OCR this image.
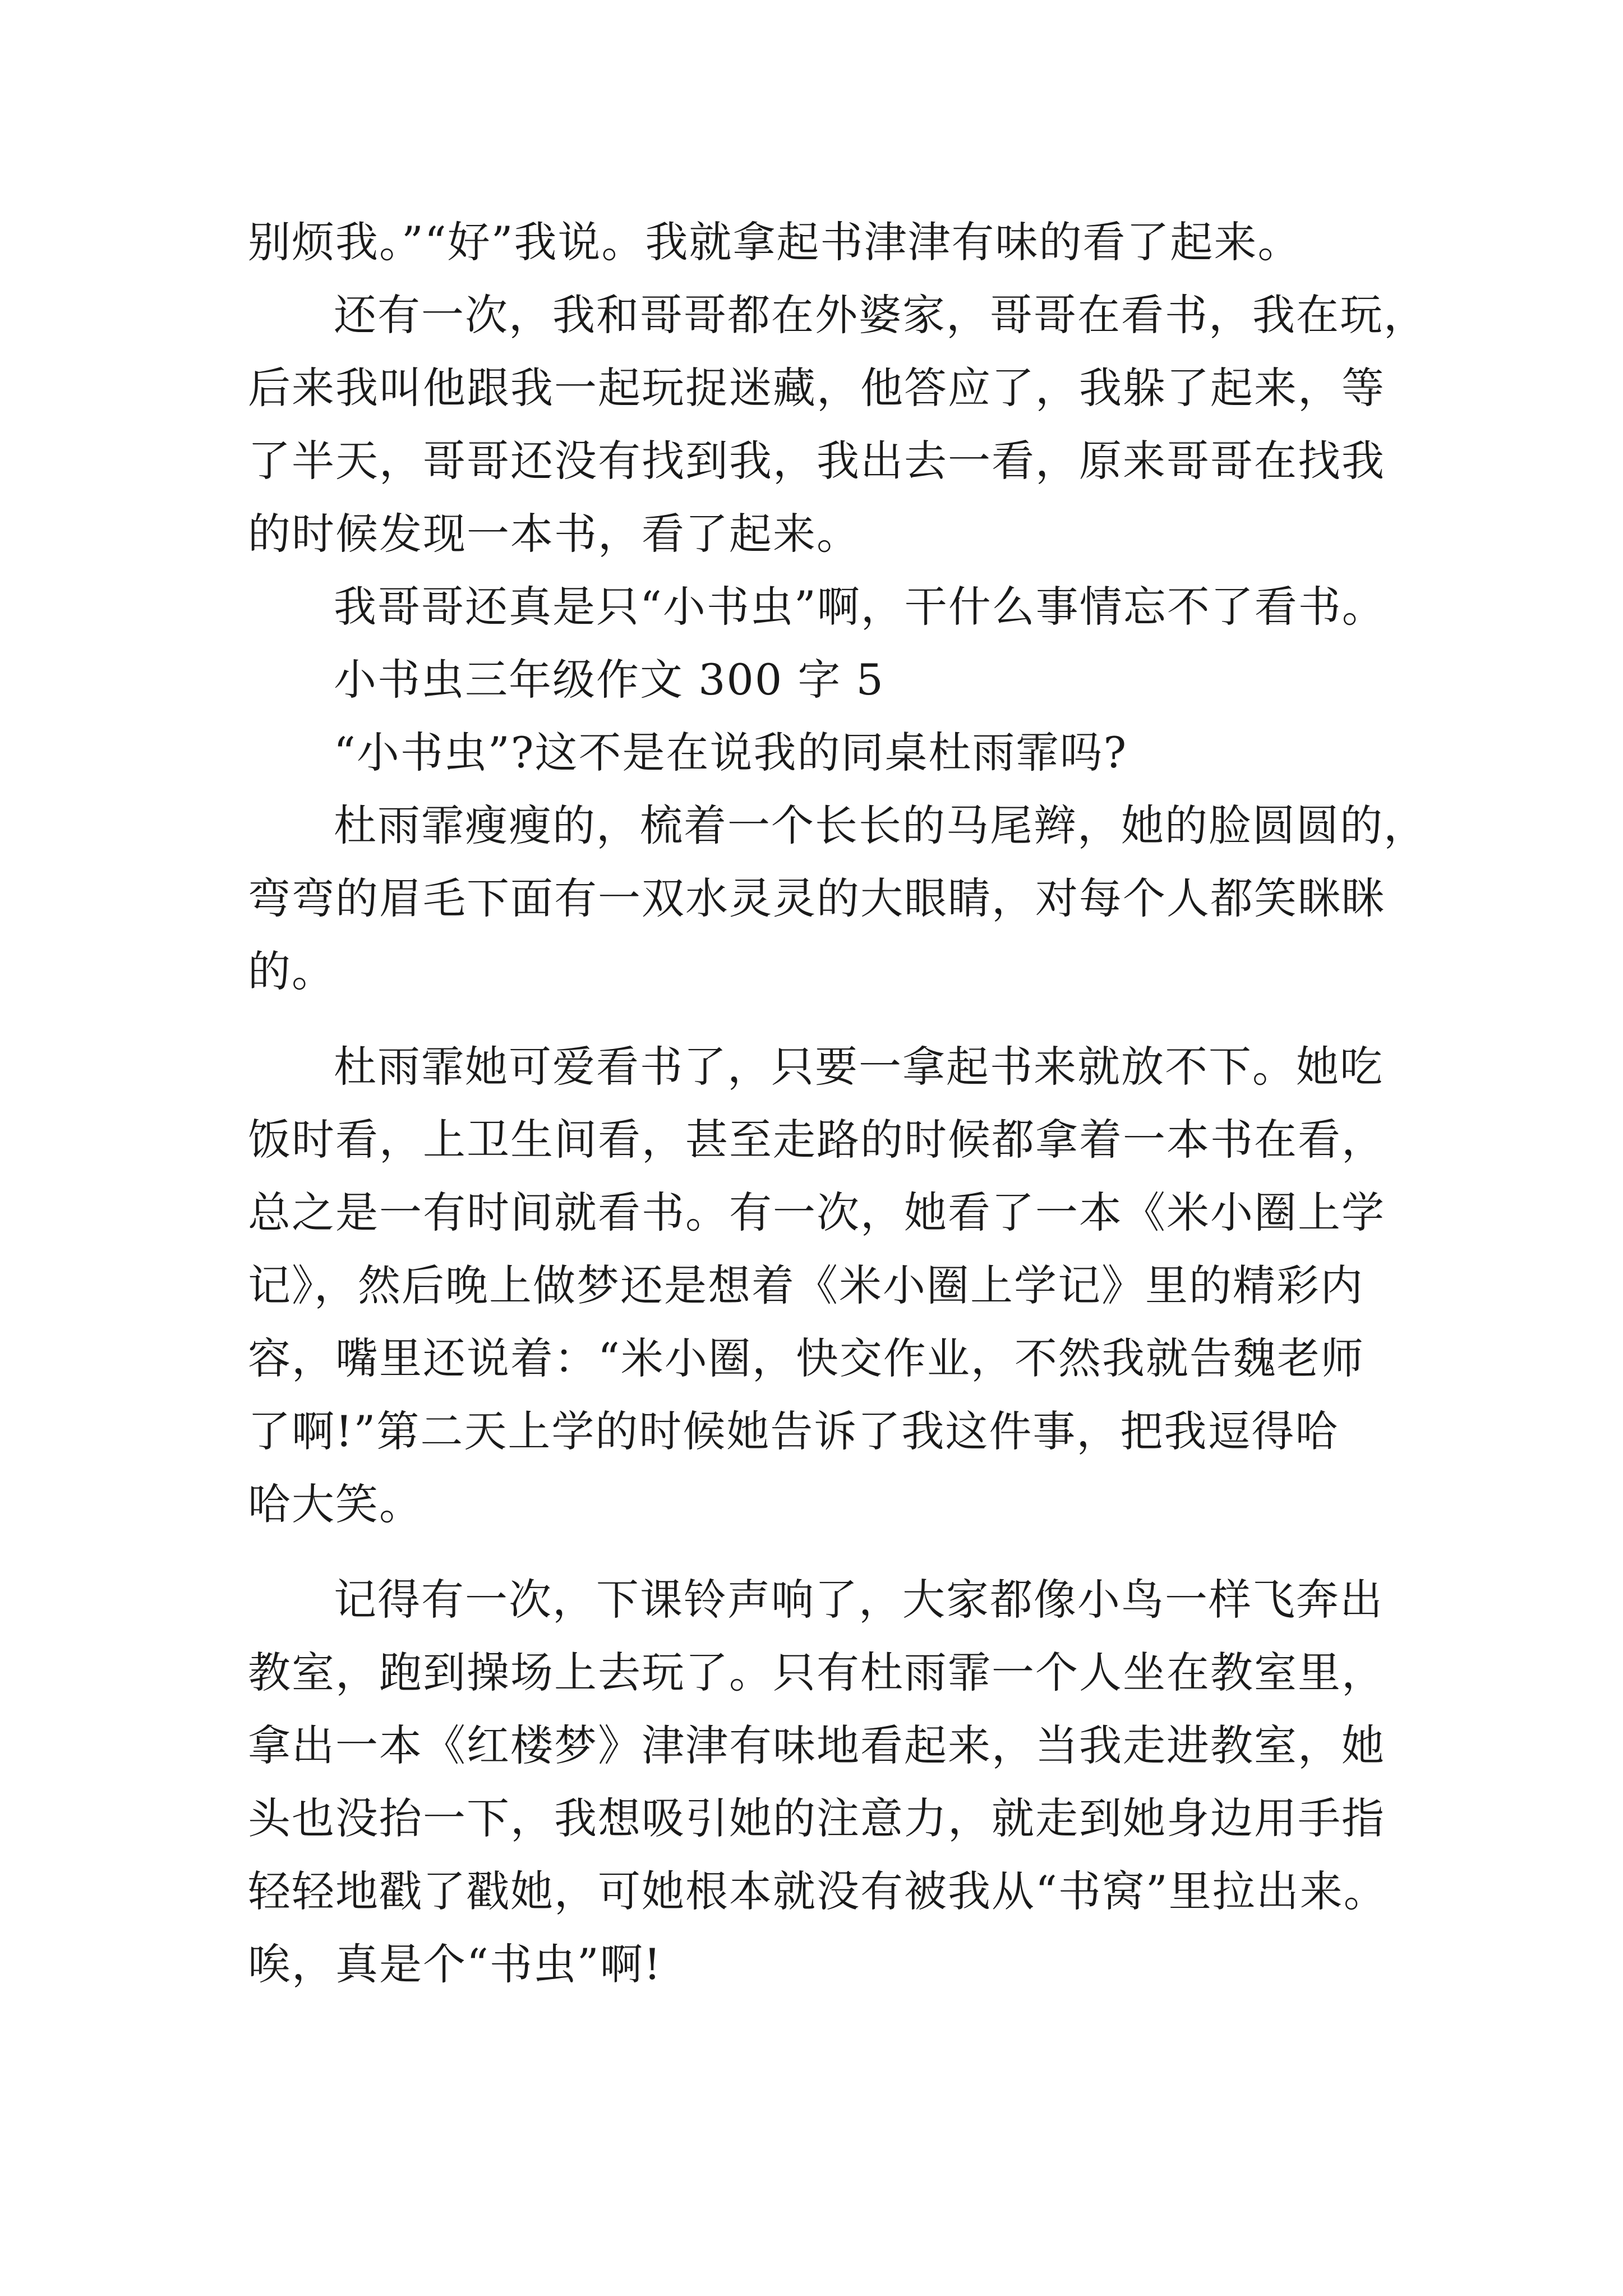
别烦我。”“好”我说。我就拿起书津津有味的看了起来。

还有一次，我和哥哥都在外婆家，哥哥在看书，我在玩，

后来我叫他跟我一起玩捉迷藏，他答应了，我躲了起来，等

了半天，哥哥还没有找到我，我出去一看，原来哥哥在找我

的时候发现一本书，看了起来。

我哥哥还真是只“小书虫”啊，干什么事情忘不了看书。

小书虫三年级作文 300 字 5

“小书虫”?这不是在说我的同桌杜雨霏吗?

杜雨霏瘦瘦的，梳着一个长长的马尾辫，她的脸圆圆的，

弯弯的眉毛下面有一双水灵灵的大眼睛，对每个人都笑眯眯

的。

杜雨霏她可爱看书了，只要一拿起书来就放不下。她吃

饭时看，上卫生间看，甚至走路的时候都拿着一本书在看，

总之是一有时间就看书。有一次，她看了一本《米小圈上学

记》，然后晚上做梦还是想着《米小圈上学记》里的精彩内

容，嘴里还说着：“米小圈，快交作业，不然我就告魏老师

了啊!”第二天上学的时候她告诉了我这件事，把我逗得哈

哈大笑。

记得有一次，下课铃声响了，大家都像小鸟一样飞奔出

教室，跑到操场上去玩了。只有杜雨霏一个人坐在教室里，

拿出一本《红楼梦》津津有味地看起来，当我走进教室，她

头也没抬一下，我想吸引她的注意力，就走到她身边用手指

轻轻地戳了戳她，可她根本就没有被我从“书窝”里拉出来。

唉，真是个“书虫”啊!
